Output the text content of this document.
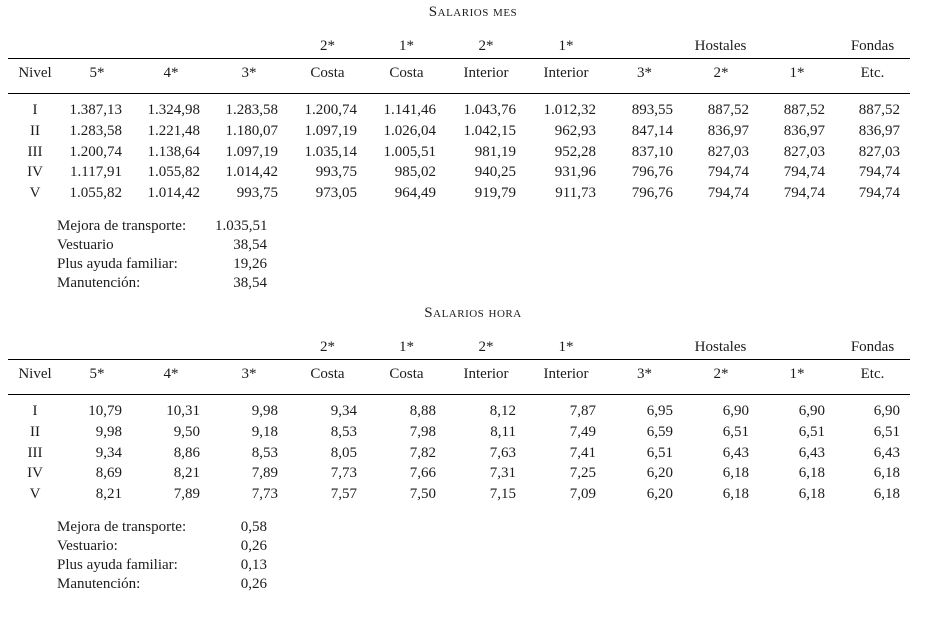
Salarios mes
				2*	1*	2*	1*	Hostales			Fondas
Nivel	5*	4*	3*	Costa	Costa	Interior	Interior	3*	2*	1*	Etc.
I	1.387,13	1.324,98	1.283,58	1.200,74	1.141,46	1.043,76	1.012,32	893,55	887,52	887,52	887,52
II	1.283,58	1.221,48	1.180,07	1.097,19	1.026,04	1.042,15	962,93	847,14	836,97	836,97	836,97
III	1.200,74	1.138,64	1.097,19	1.035,14	1.005,51	981,19	952,28	837,10	827,03	827,03	827,03
IV	1.117,91	1.055,82	1.014,42	993,75	985,02	940,25	931,96	796,76	794,74	794,74	794,74
V	1.055,82	1.014,42	993,75	973,05	964,49	919,79	911,73	796,76	794,74	794,74	794,74
Mejora de transporte: 1.035,51
Vestuario	38,54
Plus ayuda familiar:	19,26
Manutención:	38,54
Salarios hora
				2*	1*	2*	1*	Hostales			Fondas
Nivel	5*	4*	3*	Costa	Costa	Interior	Interior	3*	2*	1*	Etc.
I	10,79	10,31	9,98	9,34	8,88	8,12	7,87	6,95	6,90	6,90	6,90
II	9,98	9,50	9,18	8,53	7,98	8,11	7,49	6,59	6,51	6,51	6,51
III	9,34	8,86	8,53	8,05	7,82	7,63	7,41	6,51	6,43	6,43	6,43
IV	8,69	8,21	7,89	7,73	7,66	7,31	7,25	6,20	6,18	6,18	6,18
V	8,21	7,89	7,73	7,57	7,50	7,15	7,09	6,20	6,18	6,18	6,18
Mejora de transporte:	0,58
Vestuario:	0,26
Plus ayuda familiar:	0,13
Manutención:	0,26
